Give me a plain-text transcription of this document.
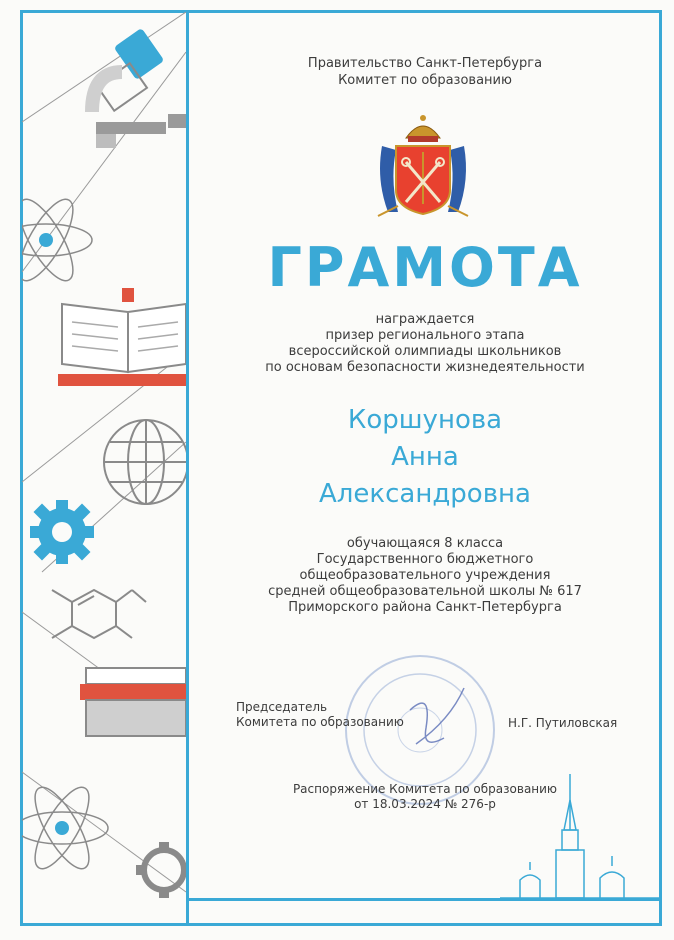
Правительство Санкт-Петербурга
Комитет по образованию
ГРАМОТА
награждается
призер регионального этапа
всероссийской олимпиады школьников
по основам безопасности жизнедеятельности
Коршунова
Анна
Александровна
обучающаяся 8 класса
Государственного бюджетного
общеобразовательного учреждения
средней общеобразовательной школы № 617
Приморского района Санкт-Петербурга
Председатель
Комитета по образованию	Н.Г. Путиловская
Распоряжение Комитета по образованию
от 18.03.2024 № 276-р
